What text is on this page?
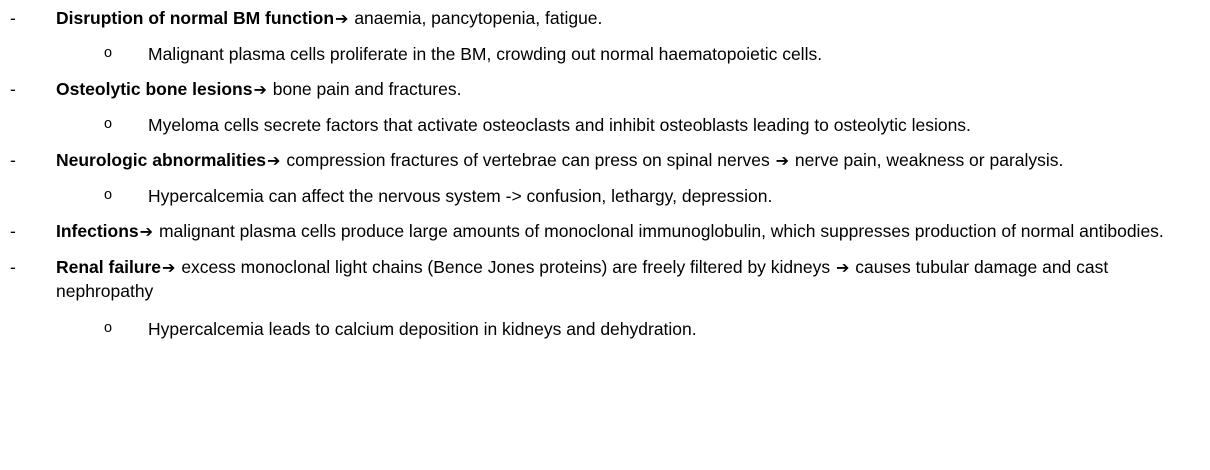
-	Disruption of normal BM function➔ anaemia, pancytopenia, fatigue.
o	Malignant plasma cells proliferate in the BM, crowding out normal haematopoietic cells.
-	Osteolytic bone lesions➔ bone pain and fractures.
o	Myeloma cells secrete factors that activate osteoclasts and inhibit osteoblasts leading to osteolytic lesions.
-	Neurologic abnormalities➔ compression fractures of vertebrae can press on spinal nerves ➔ nerve pain, weakness or paralysis.
o	Hypercalcemia can affect the nervous system -> confusion, lethargy, depression.
-	Infections➔ malignant plasma cells produce large amounts of monoclonal immunoglobulin, which suppresses production of normal antibodies.
-	Renal failure➔ excess monoclonal light chains (Bence Jones proteins) are freely filtered by kidneys ➔ causes tubular damage and cast nephropathy
o	Hypercalcemia leads to calcium deposition in kidneys and dehydration.
